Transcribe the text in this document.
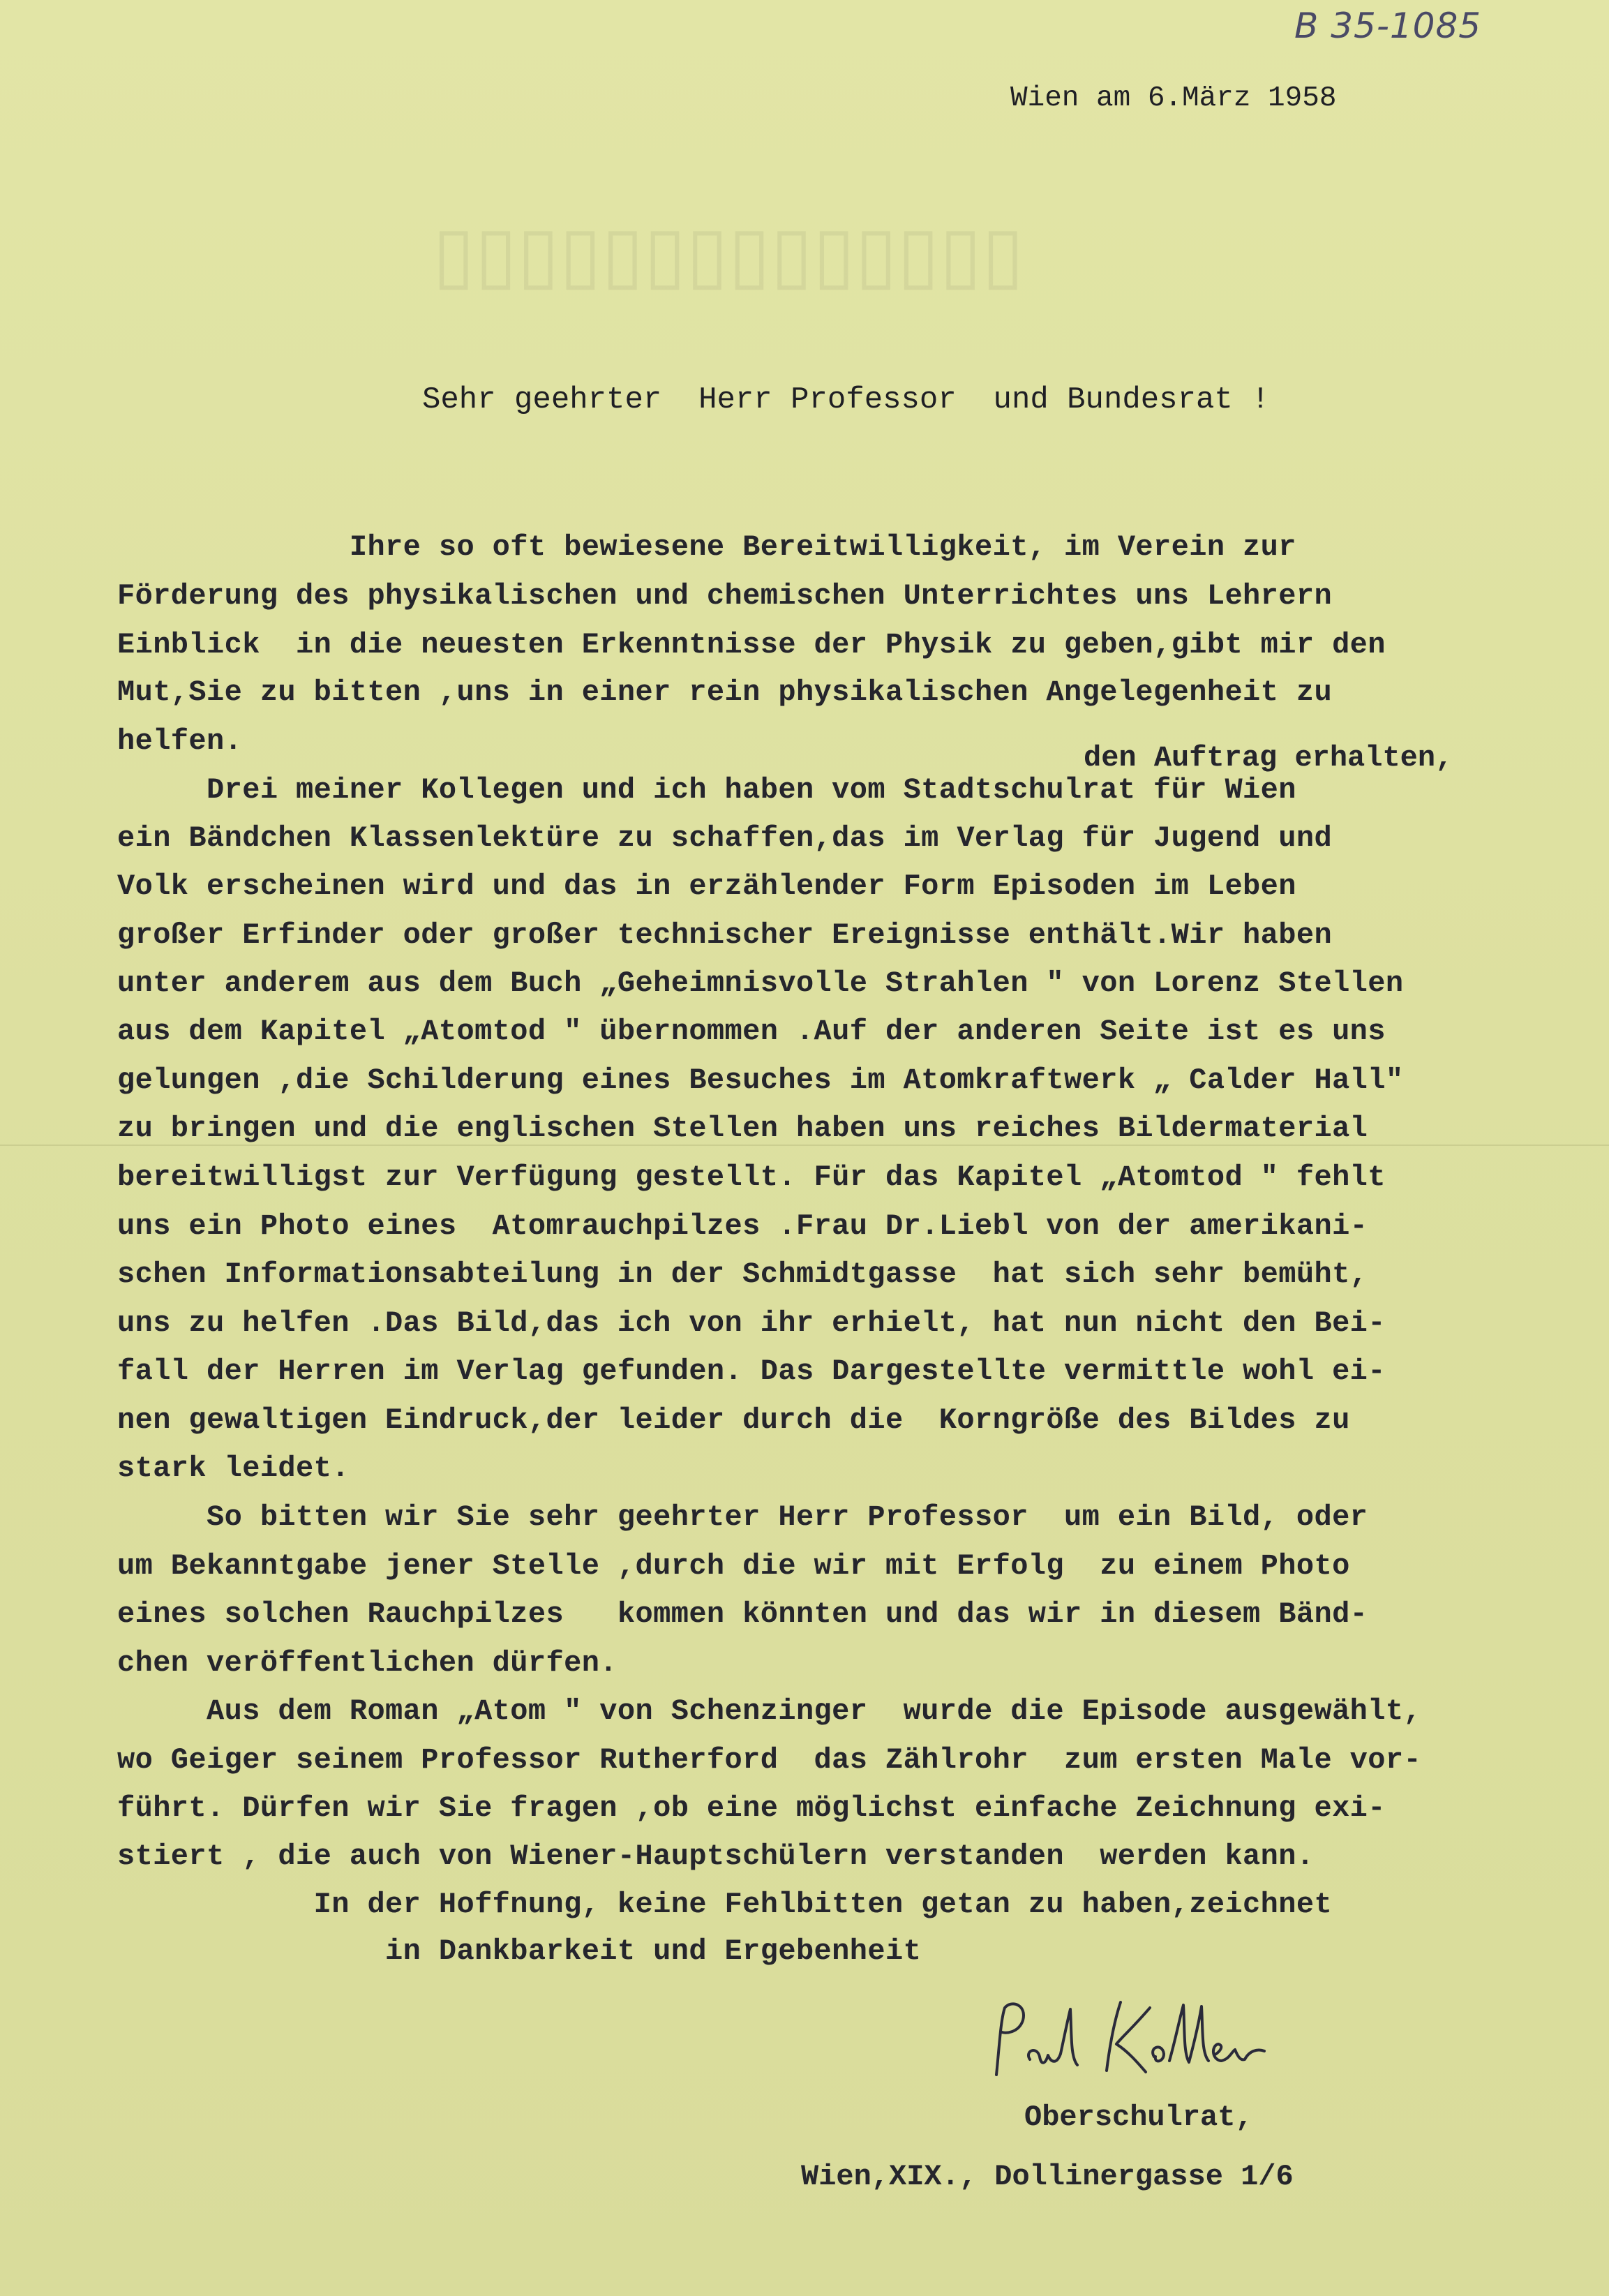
▯▯▯▯▯▯▯▯▯▯▯▯▯▯
B 35-1085
Wien am 6.März 1958
Sehr geehrter  Herr Professor  und Bundesrat !
Ihre so oft bewiesene Bereitwilligkeit, im Verein zur
Förderung des physikalischen und chemischen Unterrichtes uns Lehrern
Einblick  in die neuesten Erkenntnisse der Physik zu geben,gibt mir den
Mut,Sie zu bitten ,uns in einer rein physikalischen Angelegenheit zu
helfen.
Drei meiner Kollegen und ich haben vom Stadtschulrat für Wien
ein Bändchen Klassenlektüre zu schaffen,das im Verlag für Jugend und
Volk erscheinen wird und das in erzählender Form Episoden im Leben
großer Erfinder oder großer technischer Ereignisse enthält.Wir haben
unter anderem aus dem Buch „Geheimnisvolle Strahlen " von Lorenz Stellen
aus dem Kapitel „Atomtod " übernommen .Auf der anderen Seite ist es uns
gelungen ,die Schilderung eines Besuches im Atomkraftwerk „ Calder Hall"
zu bringen und die englischen Stellen haben uns reiches Bildermaterial
bereitwilligst zur Verfügung gestellt. Für das Kapitel „Atomtod " fehlt
uns ein Photo eines  Atomrauchpilzes .Frau Dr.Liebl von der amerikani-
schen Informationsabteilung in der Schmidtgasse  hat sich sehr bemüht,
uns zu helfen .Das Bild,das ich von ihr erhielt, hat nun nicht den Bei-
fall der Herren im Verlag gefunden. Das Dargestellte vermittle wohl ei-
nen gewaltigen Eindruck,der leider durch die  Korngröße des Bildes zu
stark leidet.
So bitten wir Sie sehr geehrter Herr Professor  um ein Bild, oder
um Bekanntgabe jener Stelle ,durch die wir mit Erfolg  zu einem Photo
eines solchen Rauchpilzes   kommen könnten und das wir in diesem Bänd-
chen veröffentlichen dürfen.
Aus dem Roman „Atom " von Schenzinger  wurde die Episode ausgewählt,
wo Geiger seinem Professor Rutherford  das Zählrohr  zum ersten Male vor-
führt. Dürfen wir Sie fragen ,ob eine möglichst einfache Zeichnung exi-
stiert , die auch von Wiener-Hauptschülern verstanden  werden kann.
In der Hoffnung, keine Fehlbitten getan zu haben,zeichnet
in Dankbarkeit und Ergebenheit
den Auftrag erhalten,
Oberschulrat,
Wien,XIX., Dollinergasse 1/6
